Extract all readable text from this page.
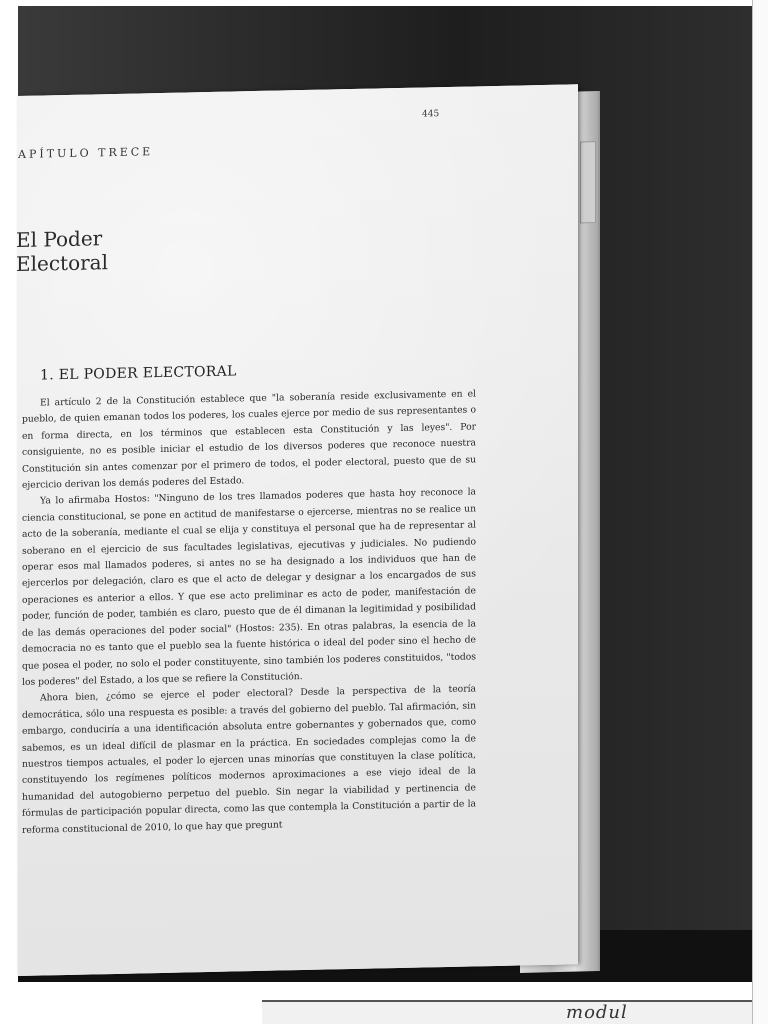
445
APÍTULO TRECE
El Poder
Electoral
1. EL PODER ELECTORAL

El artículo 2 de la Constitución establece que "la soberanía reside exclusivamente en el pueblo, de quien emanan todos los poderes, los cuales ejerce por medio de sus representantes o en forma directa, en los términos que establecen esta Constitución y las leyes". Por consiguiente, no es posible iniciar el estudio de los diversos poderes que reconoce nuestra Constitución sin antes comenzar por el primero de todos, el poder electoral, puesto que de su ejercicio derivan los demás poderes del Estado.

Ya lo afirmaba Hostos: "Ninguno de los tres llamados poderes que hasta hoy reconoce la ciencia constitucional, se pone en actitud de manifestarse o ejercerse, mientras no se realice un acto de la soberanía, mediante el cual se elija y constituya el personal que ha de representar al soberano en el ejercicio de sus facultades legislativas, ejecutivas y judiciales. No pudiendo operar esos mal llamados poderes, si antes no se ha designado a los individuos que han de ejercerlos por delegación, claro es que el acto de delegar y designar a los encargados de sus operaciones es anterior a ellos. Y que ese acto preliminar es acto de poder, manifestación de poder, función de poder, también es claro, puesto que de él dimanan la legitimidad y posibilidad de las demás operaciones del poder social" (Hostos: 235). En otras palabras, la esencia de la democracia no es tanto que el pueblo sea la fuente histórica o ideal del poder sino el hecho de que posea el poder, no solo el poder constituyente, sino también los poderes constituidos, "todos los poderes" del Estado, a los que se refiere la Constitución.

Ahora bien, ¿cómo se ejerce el poder electoral? Desde la perspectiva de la teoría democrática, sólo una respuesta es posible: a través del gobierno del pueblo. Tal afirmación, sin embargo, conduciría a una identificación absoluta entre gobernantes y gobernados que, como sabemos, es un ideal difícil de plasmar en la práctica. En sociedades complejas como la de nuestros tiempos actuales, el poder lo ejercen unas minorías que constituyen la clase política, constituyendo los regímenes políticos modernos aproximaciones a ese viejo ideal de la humanidad del autogobierno perpetuo del pueblo. Sin negar la viabilidad y pertinencia de fórmulas de participación popular directa, como las que contempla la Constitución a partir de la reforma constitucional de 2010, lo que hay que pregunt

modul
